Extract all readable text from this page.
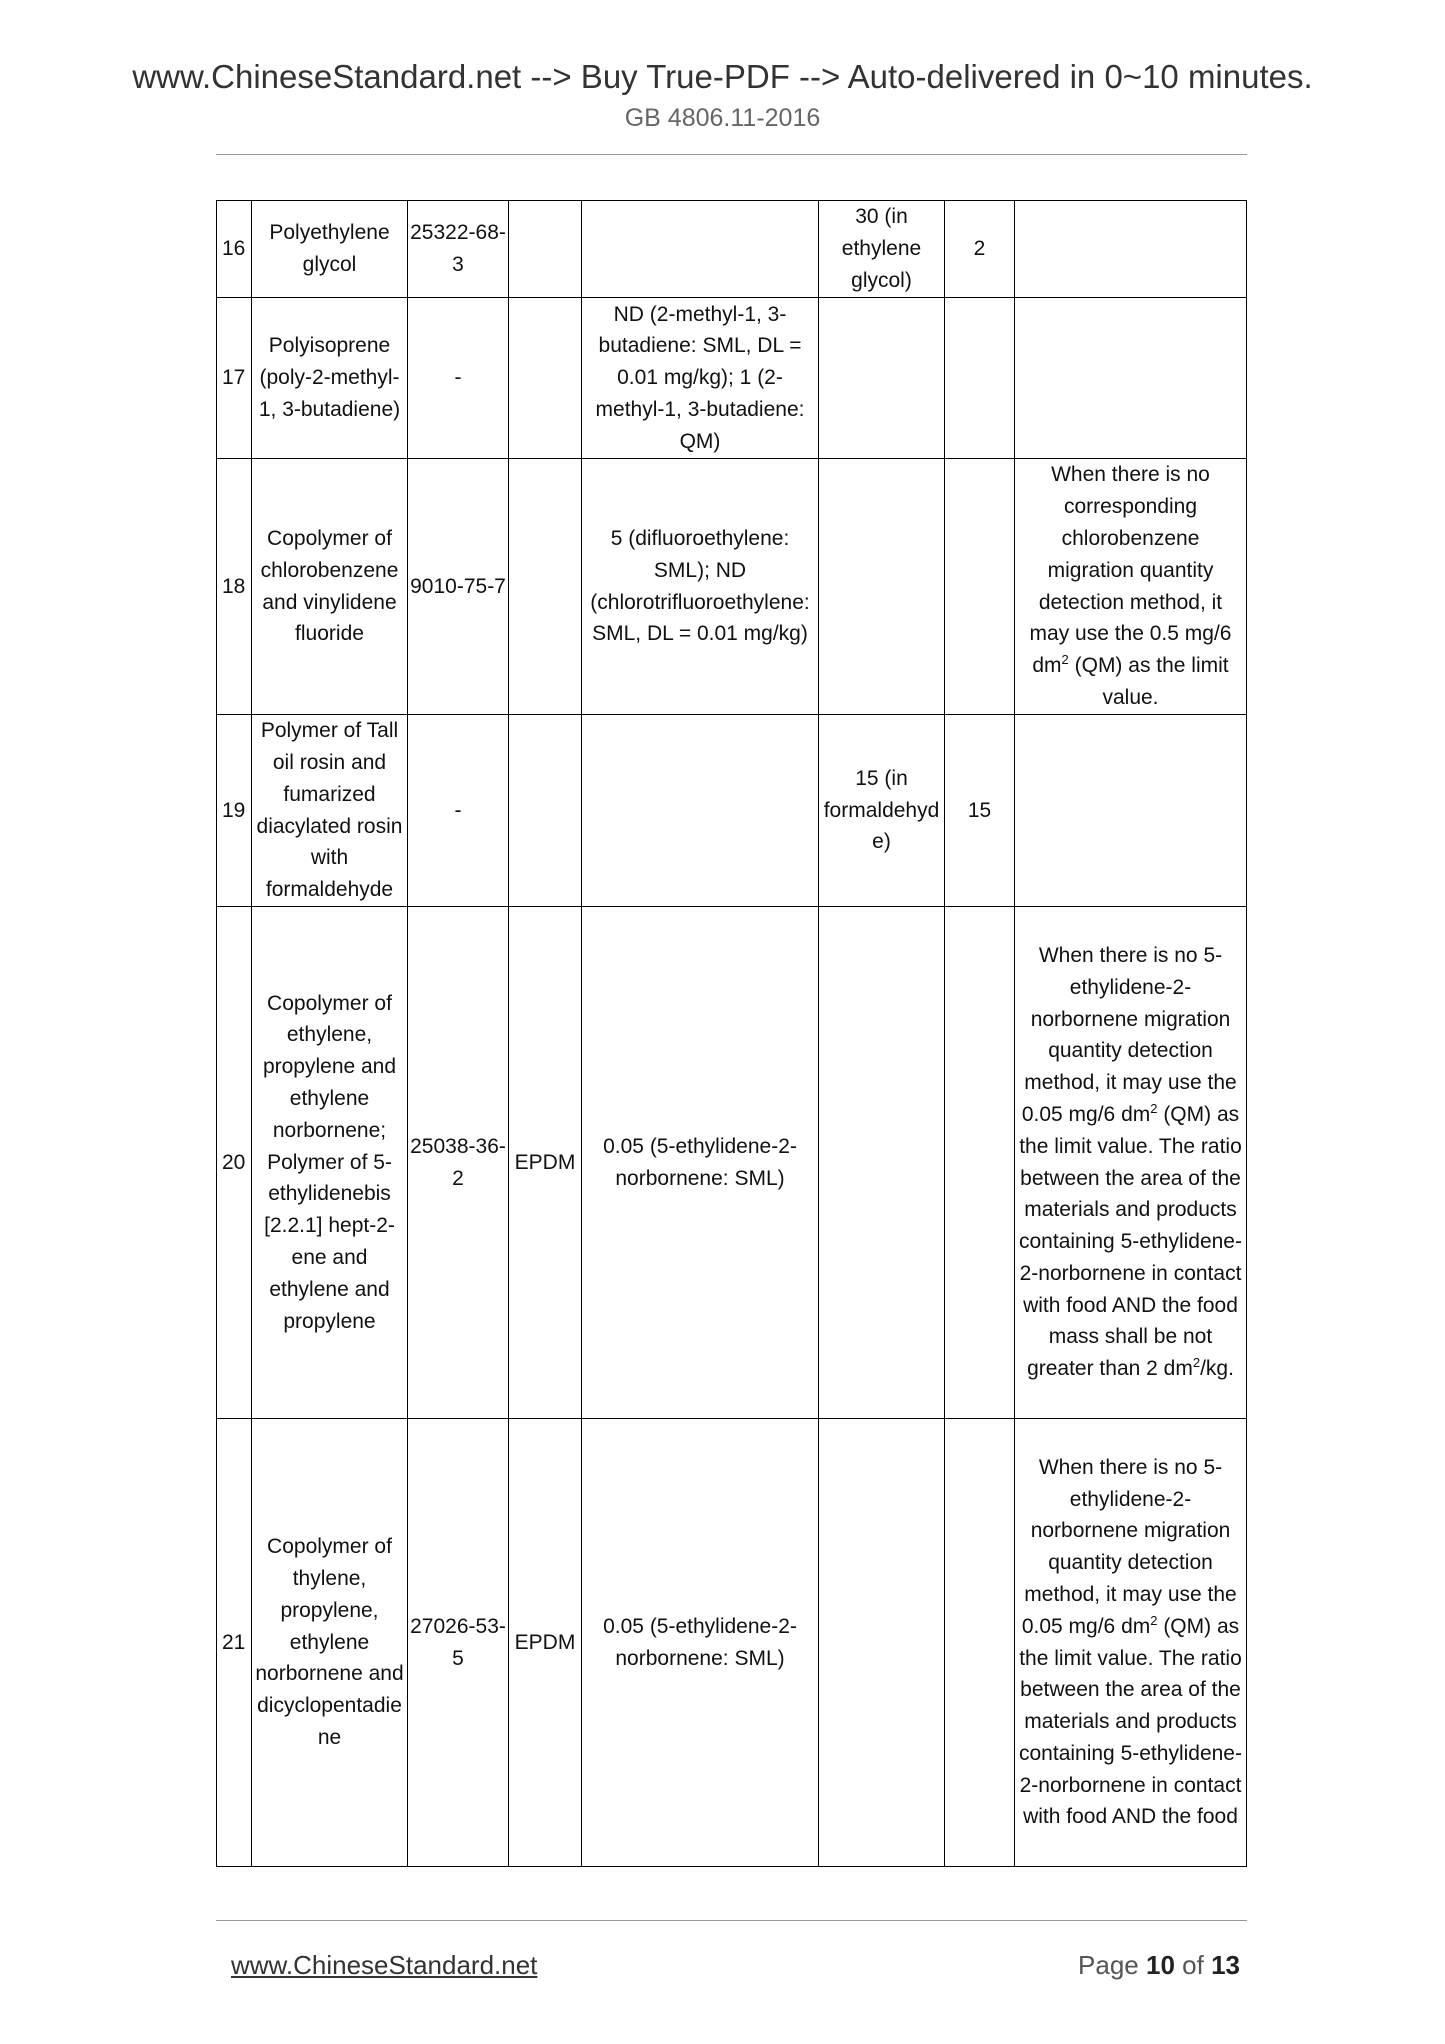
www.ChineseStandard.net --> Buy True-PDF --> Auto-delivered in 0~10 minutes.
GB 4806.11-2016
16	Polyethylene glycol	25322-68-3			30 (in ethylene glycol)	2	
17	Polyisoprene (poly-2-methyl-1, 3-butadiene)	-		ND (2-methyl-1, 3-butadiene: SML, DL = 0.01 mg/kg); 1 (2-methyl-1, 3-butadiene: QM)			
18	Copolymer of chlorobenzene and vinylidene fluoride	9010-75-7		5 (difluoroethylene: SML); ND (chlorotrifluoroethylene: SML, DL = 0.01 mg/kg)			When there is no corresponding chlorobenzene migration quantity detection method, it may use the 0.5 mg/6 $dm^2$ (QM) as the limit value.
19	Polymer of Tall oil rosin and fumarized diacylated rosin with formaldehyde	-			15 (in formaldehyde)	15	
20	Copolymer of ethylene, propylene and ethylene norbornene; Polymer of 5-ethylidenebis [2.2.1] hept-2-ene and ethylene and propylene	25038-36-2	EPDM	0.05 (5-ethylidene-2-norbornene: SML)			When there is no 5-ethylidene-2-norbornene migration quantity detection method, it may use the 0.05 mg/6 $dm^2$ (QM) as the limit value. The ratio between the area of the materials and products containing 5-ethylidene-2-norbornene in contact with food AND the food mass shall be not greater than 2 $dm^2/kg$.
21	Copolymer of thylene, propylene, ethylene norbornene and dicyclopentadiene	27026-53-5	EPDM	0.05 (5-ethylidene-2-norbornene: SML)			When there is no 5-ethylidene-2-norbornene migration quantity detection method, it may use the 0.05 mg/6 $dm^2$ (QM) as the limit value. The ratio between the area of the materials and products containing 5-ethylidene-2-norbornene in contact with food AND the food
www.ChineseStandard.net	Page 10 of 13
